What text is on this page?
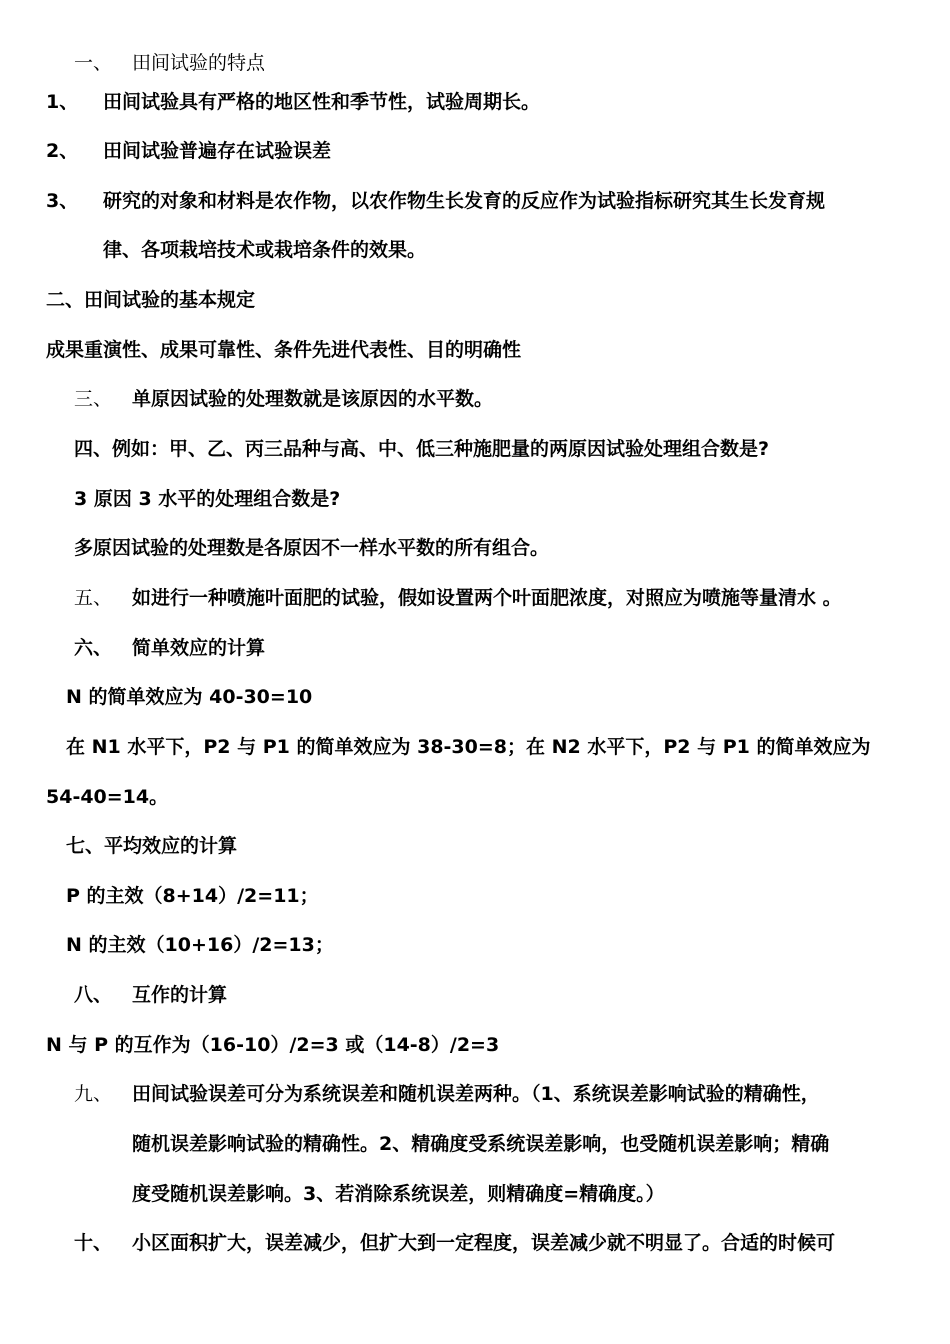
一、 田间试验的特点
1、 田间试验具有严格的地区性和季节性，试验周期长。
2、 田间试验普遍存在试验误差
3、 研究的对象和材料是农作物，以农作物生长发育的反应作为试验指标研究其生长发育规
律、各项栽培技术或栽培条件的效果。
二、田间试验的基本规定
成果重演性、成果可靠性、条件先进代表性、目的明确性
三、 单原因试验的处理数就是该原因的水平数。
四、例如：甲、乙、丙三品种与高、中、低三种施肥量的两原因试验处理组合数是?
3 原因 3 水平的处理组合数是?
多原因试验的处理数是各原因不一样水平数的所有组合。
五、 如进行一种喷施叶面肥的试验，假如设置两个叶面肥浓度，对照应为喷施等量清水 。
六、 简单效应的计算
N 的简单效应为 40-30=10
在 N1 水平下，P2 与 P1 的简单效应为 38-30=8；在 N2 水平下，P2 与 P1 的简单效应为
54-40=14。
七、平均效应的计算
P 的主效（8+14）/2=11；
N 的主效（10+16）/2=13；
八、 互作的计算
N 与 P 的互作为（16-10）/2=3 或（14-8）/2=3
九、 田间试验误差可分为系统误差和随机误差两种。（1、系统误差影响试验的精确性，
随机误差影响试验的精确性。2、精确度受系统误差影响，也受随机误差影响；精确
度受随机误差影响。3、若消除系统误差，则精确度=精确度。）
十、 小区面积扩大，误差减少，但扩大到一定程度，误差减少就不明显了。合适的时候可
